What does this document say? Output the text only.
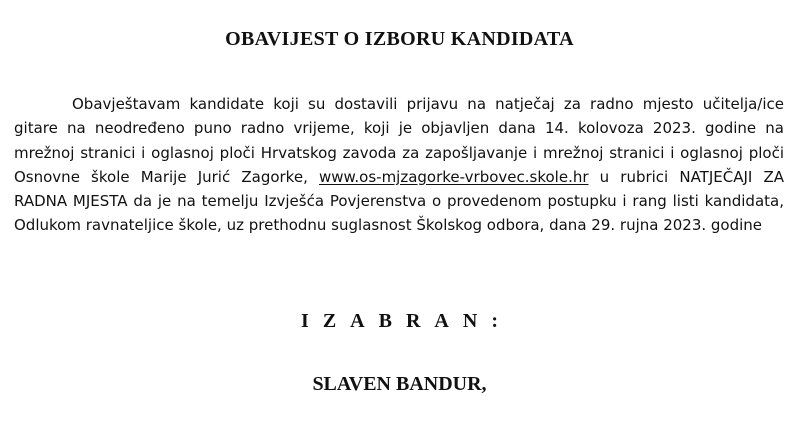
OBAVIJEST O IZBORU KANDIDATA

Obavještavam kandidate koji su dostavili prijavu na natječaj za radno mjesto učitelja/ice gitare na neodređeno puno radno vrijeme, koji je objavljen dana 14. kolovoza 2023. godine na mrežnoj stranici i oglasnoj ploči Hrvatskog zavoda za zapošljavanje i mrežnoj stranici i oglasnoj ploči Osnovne škole Marije Jurić Zagorke, www.os-mjzagorke-vrbovec.skole.hr u rubrici NATJEČAJI ZA RADNA MJESTA da je na temelju Izvješća Povjerenstva o provedenom postupku i rang listi kandidata, Odlukom ravnateljice škole, uz prethodnu suglasnost Školskog odbora, dana 29. rujna 2023. godine

I Z A B R A N :
SLAVEN BANDUR,
